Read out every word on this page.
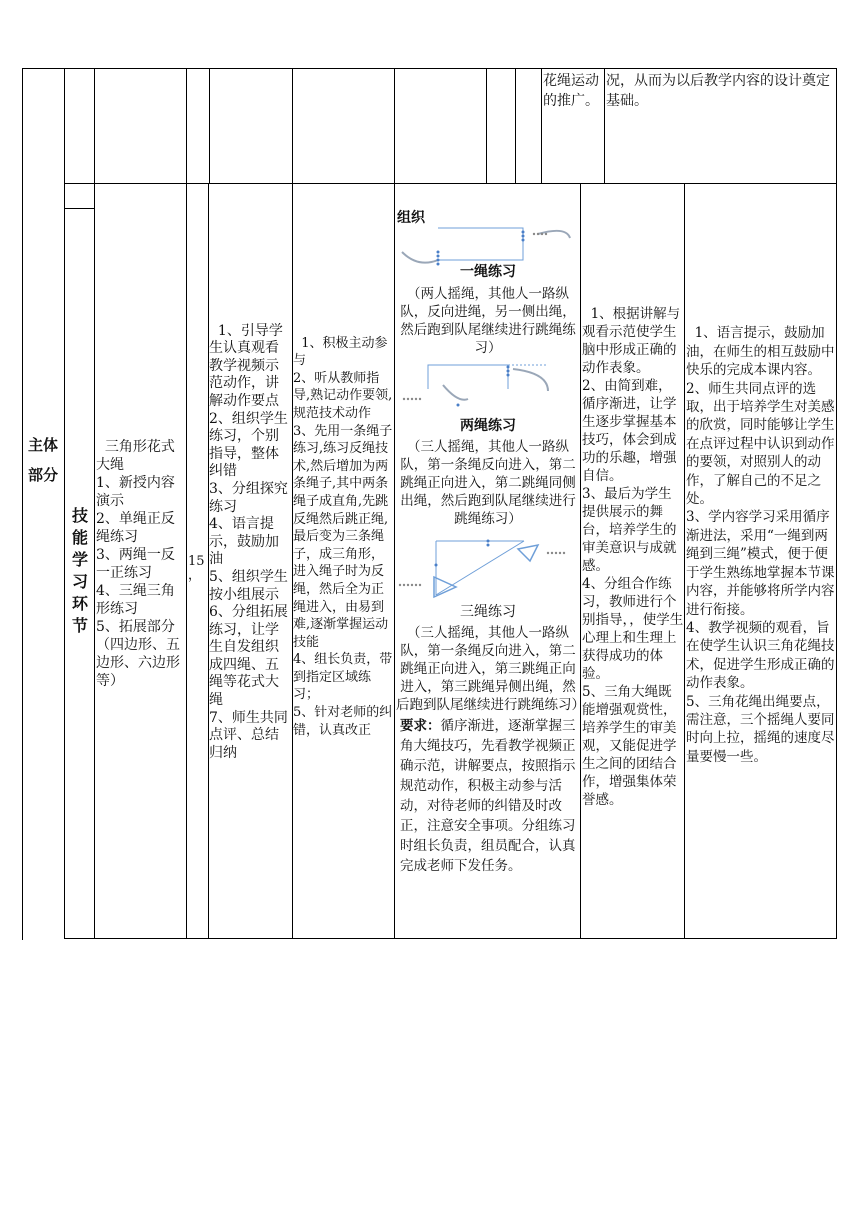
花绳运动的推广。
况，从而为以后教学内容的设计奠定基础。
主体部分
技能学习环节

三角形花式大绳
1、新授内容演示
2、单绳正反绳练习
3、两绳一反一正练习
4、三绳三角形练习
5、拓展部分（四边形、五边形、六边形等）

15
，

1、引导学生认真观看教学视频示范动作，讲解动作要点
2、组织学生练习，个别指导，整体纠错
3、分组探究练习
4、语言提示，鼓励加油
5、组织学生按小组展示
6、分组拓展练习，让学生自发组织成四绳、五绳等花式大绳
7、师生共同点评、总结归纳

1、积极主动参与
2、听从教师指导,熟记动作要领,规范技术动作
3、先用一条绳子练习,练习反绳技术,然后增加为两条绳子,其中两条绳子成直角,先跳反绳然后跳正绳,最后变为三条绳子，成三角形，进入绳子时为反绳，然后全为正绳进入，由易到难,逐渐掌握运动技能
4、组长负责，带到指定区域练习；
5、针对老师的纠错，认真改正

组织
一绳练习
（两人摇绳，其他人一路纵队，反向进绳，另一侧出绳，然后跑到队尾继续进行跳绳练习）
两绳练习
（三人摇绳，其他人一路纵队，第一条绳反向进入，第二跳绳正向进入，第二跳绳同侧出绳，然后跑到队尾继续进行跳绳练习）
三绳练习
（三人摇绳，其他人一路纵队，第一条绳反向进入，第二跳绳正向进入，第三跳绳正向进入，第三跳绳异侧出绳，然后跑到队尾继续进行跳绳练习）
要求：循序渐进，逐渐掌握三角大绳技巧，先看教学视频正确示范，讲解要点，按照指示规范动作，积极主动参与活动，对待老师的纠错及时改正，注意安全事项。分组练习时组长负责，组员配合，认真完成老师下发任务。

1、根据讲解与观看示范使学生脑中形成正确的动作表象。
2、由简到难，循序渐进，让学生逐步掌握基本技巧，体会到成功的乐趣，增强自信。
3、最后为学生提供展示的舞台，培养学生的审美意识与成就感。
4、分组合作练习，教师进行个别指导，，使学生心理上和生理上获得成功的体验。
5、三角大绳既能增强观赏性，培养学生的审美观，又能促进学生之间的团结合作，增强集体荣誉感。

1、语言提示，鼓励加油，在师生的相互鼓励中快乐的完成本课内容。
2、师生共同点评的选取，出于培养学生对美感的欣赏，同时能够让学生在点评过程中认识到动作的要领，对照别人的动作，了解自己的不足之处。
3、学内容学习采用循序渐进法，采用“一绳到两绳到三绳”模式，便于便于学生熟练地掌握本节课内容，并能够将所学内容进行衔接。
4、教学视频的观看，旨在使学生认识三角花绳技术，促进学生形成正确的动作表象。
5、三角花绳出绳要点，需注意，三个摇绳人要同时向上拉，摇绳的速度尽量要慢一些。
